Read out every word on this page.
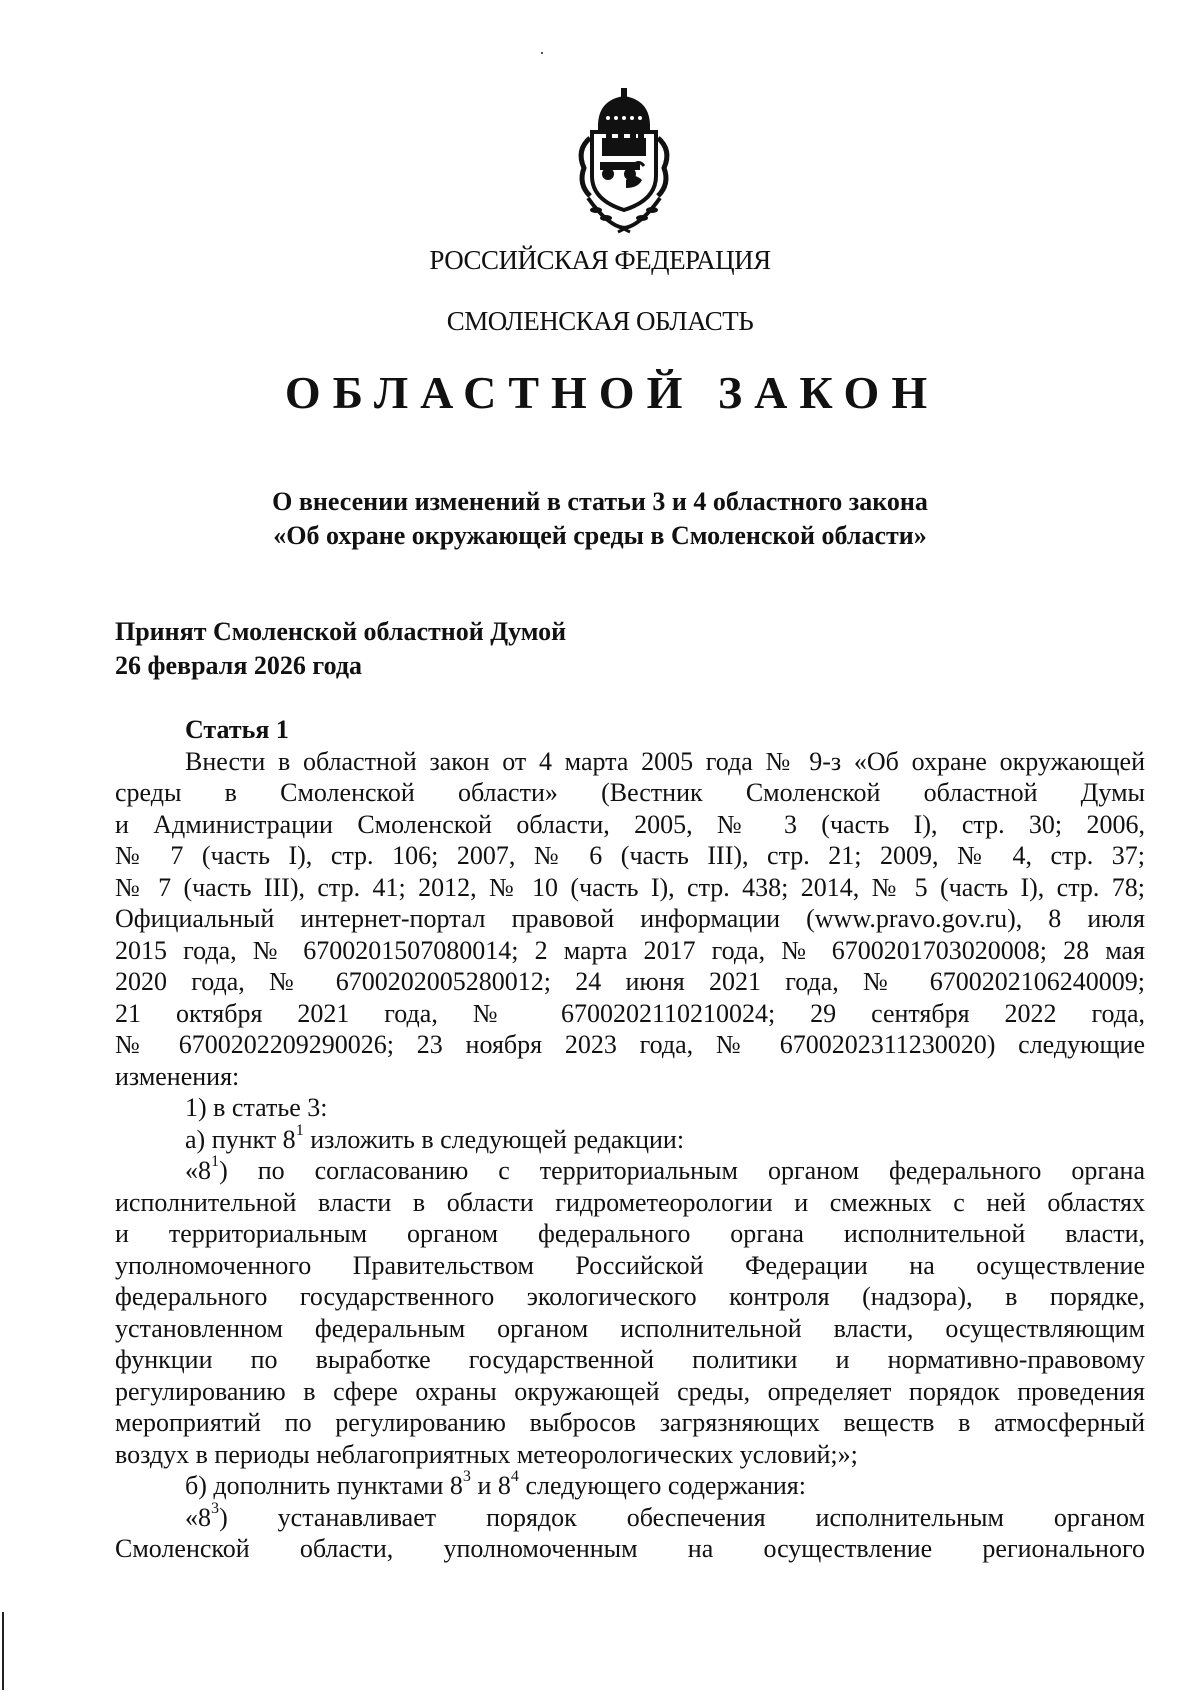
РОССИЙСКАЯ ФЕДЕРАЦИЯ
СМОЛЕНСКАЯ ОБЛАСТЬ
ОБЛАСТНОЙ ЗАКОН
О внесении изменений в статьи 3 и 4 областного закона
«Об охране окружающей среды в Смоленской области»
Принят Смоленской областной Думой
26 февраля 2026 года
Статья 1
Внести в областной закон от 4 марта 2005 года № 9-з «Об охране окружающей
среды в Смоленской области» (Вестник Смоленской областной Думы
и Администрации Смоленской области, 2005, № 3 (часть I), стр. 30; 2006,
№ 7 (часть I), стр. 106; 2007, № 6 (часть III), стр. 21; 2009, № 4, стр. 37;
№ 7 (часть III), стр. 41; 2012, № 10 (часть I), стр. 438; 2014, № 5 (часть I), стр. 78;
Официальный интернет-портал правовой информации (www.pravo.gov.ru), 8 июля
2015 года, № 6700201507080014; 2 марта 2017 года, № 6700201703020008; 28 мая
2020 года, № 6700202005280012; 24 июня 2021 года, № 6700202106240009;
21 октября 2021 года, № 6700202110210024; 29 сентября 2022 года,
№ 6700202209290026; 23 ноября 2023 года, № 6700202311230020) следующие
изменения:
1) в статье 3:
а) пункт $8^1$ изложить в следующей редакции:
«$8^1$) по согласованию с территориальным органом федерального органа
исполнительной власти в области гидрометеорологии и смежных с ней областях
и территориальным органом федерального органа исполнительной власти,
уполномоченного Правительством Российской Федерации на осуществление
федерального государственного экологического контроля (надзора), в порядке,
установленном федеральным органом исполнительной власти, осуществляющим
функции по выработке государственной политики и нормативно-правовому
регулированию в сфере охраны окружающей среды, определяет порядок проведения
мероприятий по регулированию выбросов загрязняющих веществ в атмосферный
воздух в периоды неблагоприятных метеорологических условий;»;
б) дополнить пунктами $8^3$ и $8^4$ следующего содержания:
«$8^3$) устанавливает порядок обеспечения исполнительным органом
Смоленской области, уполномоченным на осуществление регионального
